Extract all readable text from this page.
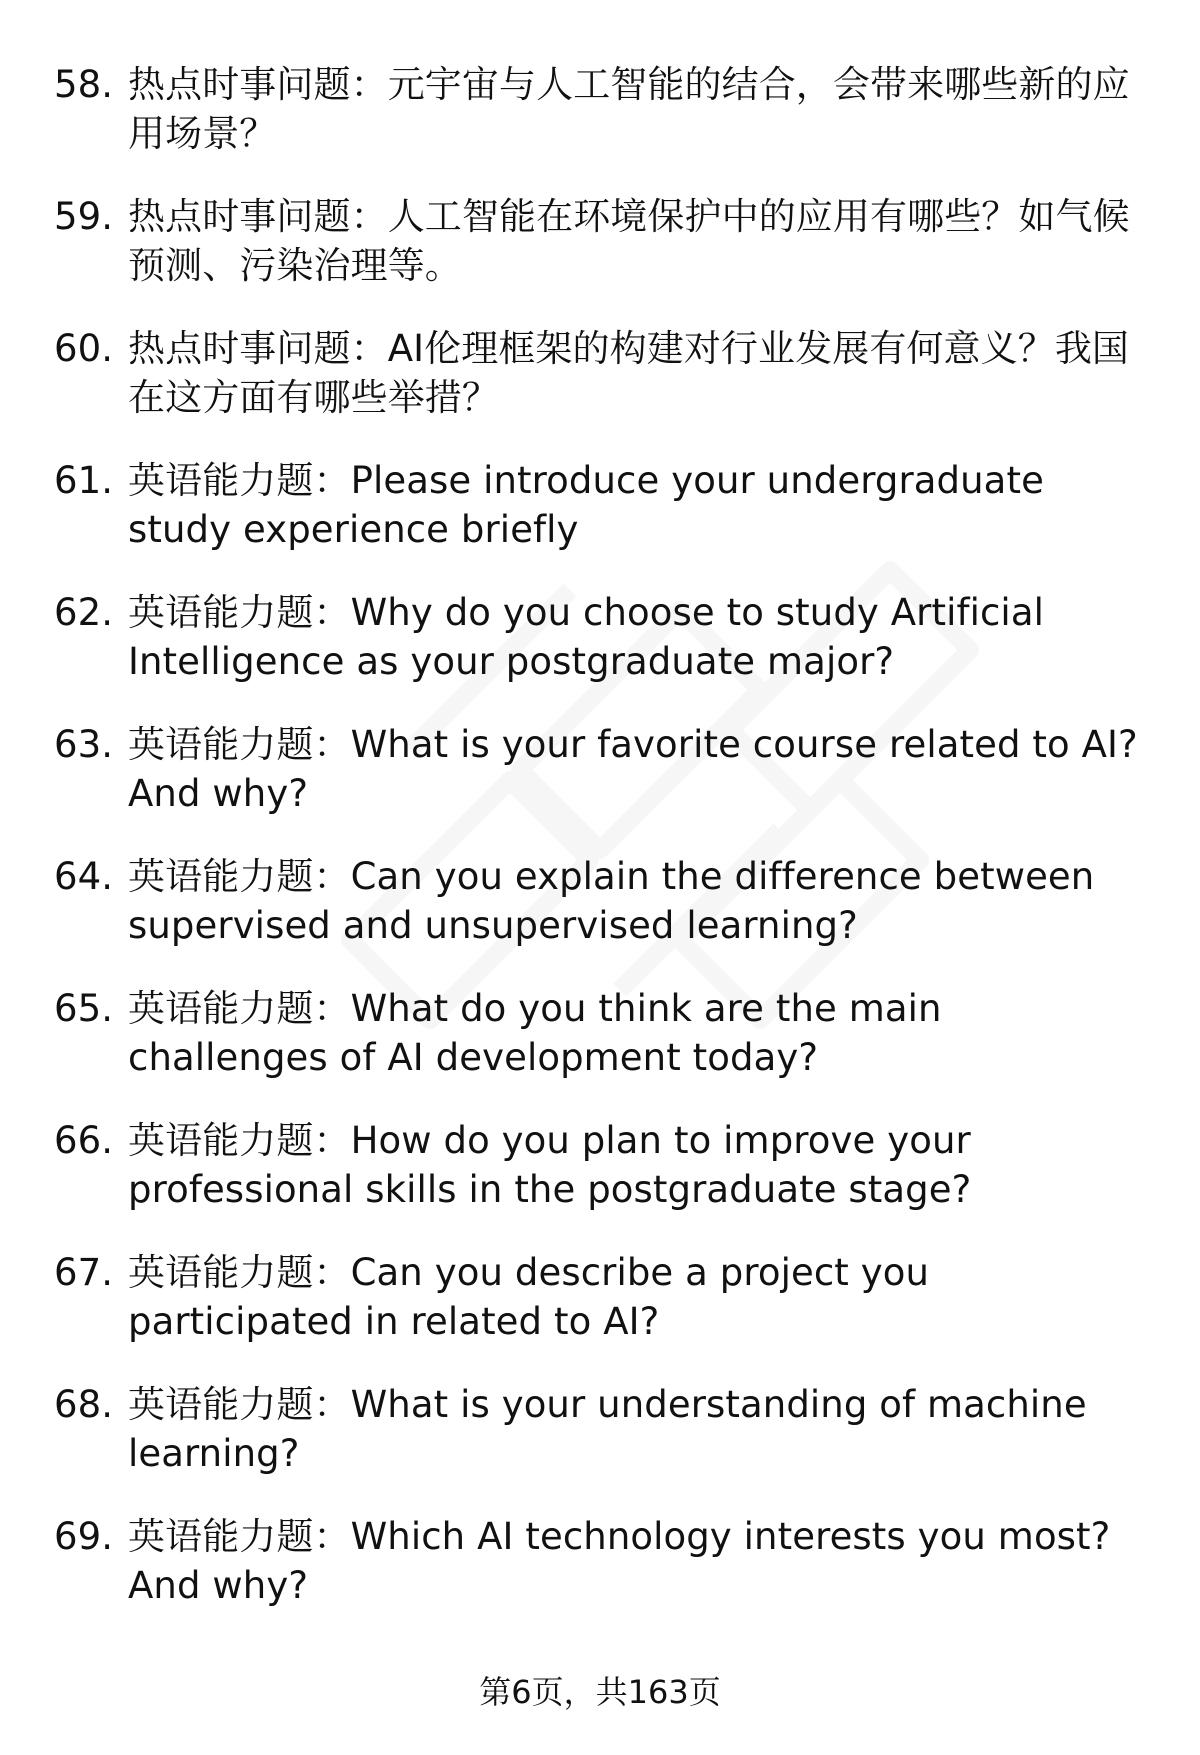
58. 热点时事问题：元宇宙与人工智能的结合，会带来哪些新的应用场景？
59. 热点时事问题：人工智能在环境保护中的应用有哪些？如气候预测、污染治理等。
60. 热点时事问题：AI伦理框架的构建对行业发展有何意义？我国在这方面有哪些举措？
61. 英语能力题：Please introduce your undergraduate study experience briefly
62. 英语能力题：Why do you choose to study Artificial Intelligence as your postgraduate major?
63. 英语能力题：What is your favorite course related to AI? And why?
64. 英语能力题：Can you explain the difference between supervised and unsupervised learning?
65. 英语能力题：What do you think are the main challenges of AI development today?
66. 英语能力题：How do you plan to improve your professional skills in the postgraduate stage?
67. 英语能力题：Can you describe a project you participated in related to AI?
68. 英语能力题：What is your understanding of machine learning?
69. 英语能力题：Which AI technology interests you most? And why?
第6页，共163页
